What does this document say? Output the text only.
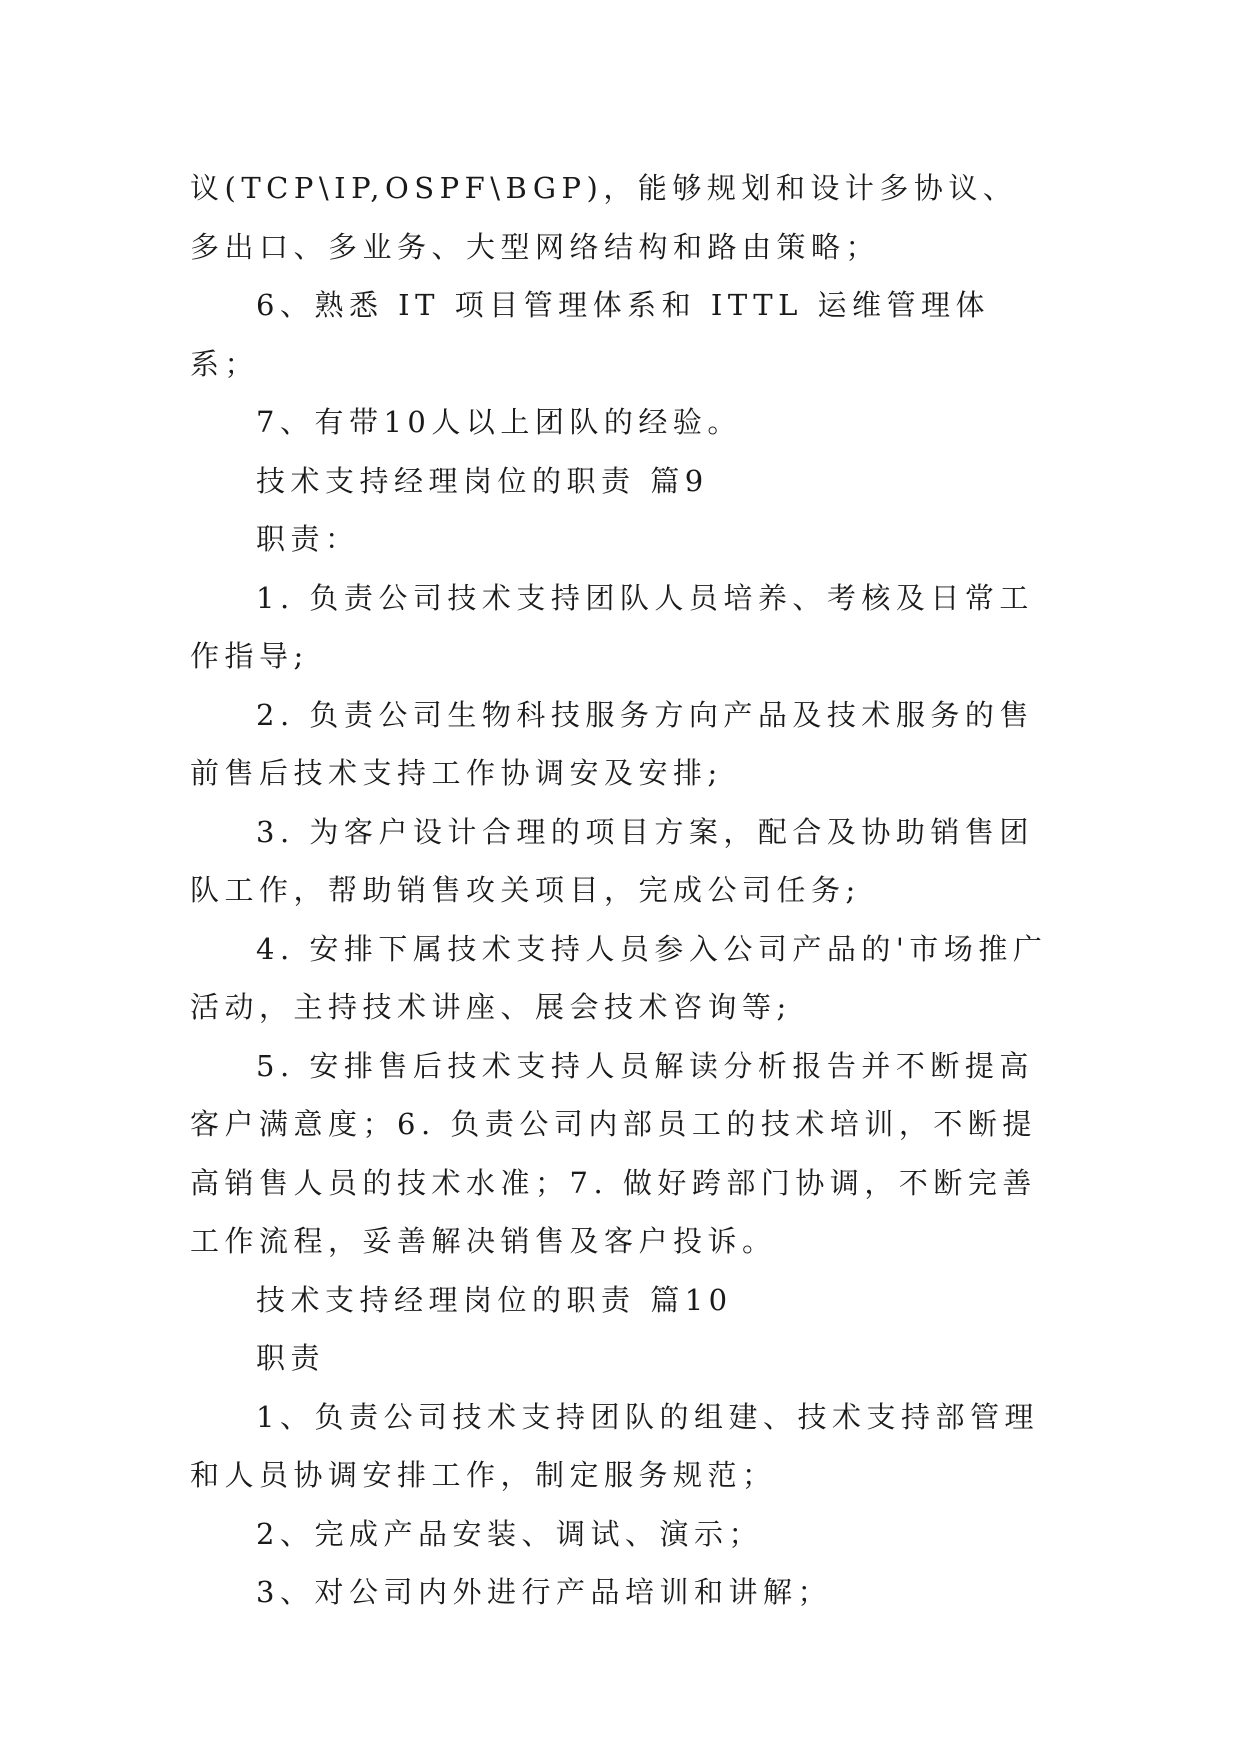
议(TCP\IP,OSPF\BGP)，能够规划和设计多协议、多出口、多业务、大型网络结构和路由策略；

6、熟悉 IT 项目管理体系和 ITTL 运维管理体系；

7、有带10人以上团队的经验。

技术支持经理岗位的职责 篇9

职责：

1. 负责公司技术支持团队人员培养、考核及日常工作指导;

2. 负责公司生物科技服务方向产品及技术服务的售前售后技术支持工作协调安及安排;

3. 为客户设计合理的项目方案，配合及协助销售团队工作，帮助销售攻关项目，完成公司任务;

4. 安排下属技术支持人员参入公司产品的'市场推广活动，主持技术讲座、展会技术咨询等;

5. 安排售后技术支持人员解读分析报告并不断提高客户满意度；6. 负责公司内部员工的技术培训，不断提高销售人员的技术水准；7. 做好跨部门协调，不断完善工作流程，妥善解决销售及客户投诉。

技术支持经理岗位的职责 篇10

职责

1、负责公司技术支持团队的组建、技术支持部管理和人员协调安排工作，制定服务规范；

2、完成产品安装、调试、演示；

3、对公司内外进行产品培训和讲解；
